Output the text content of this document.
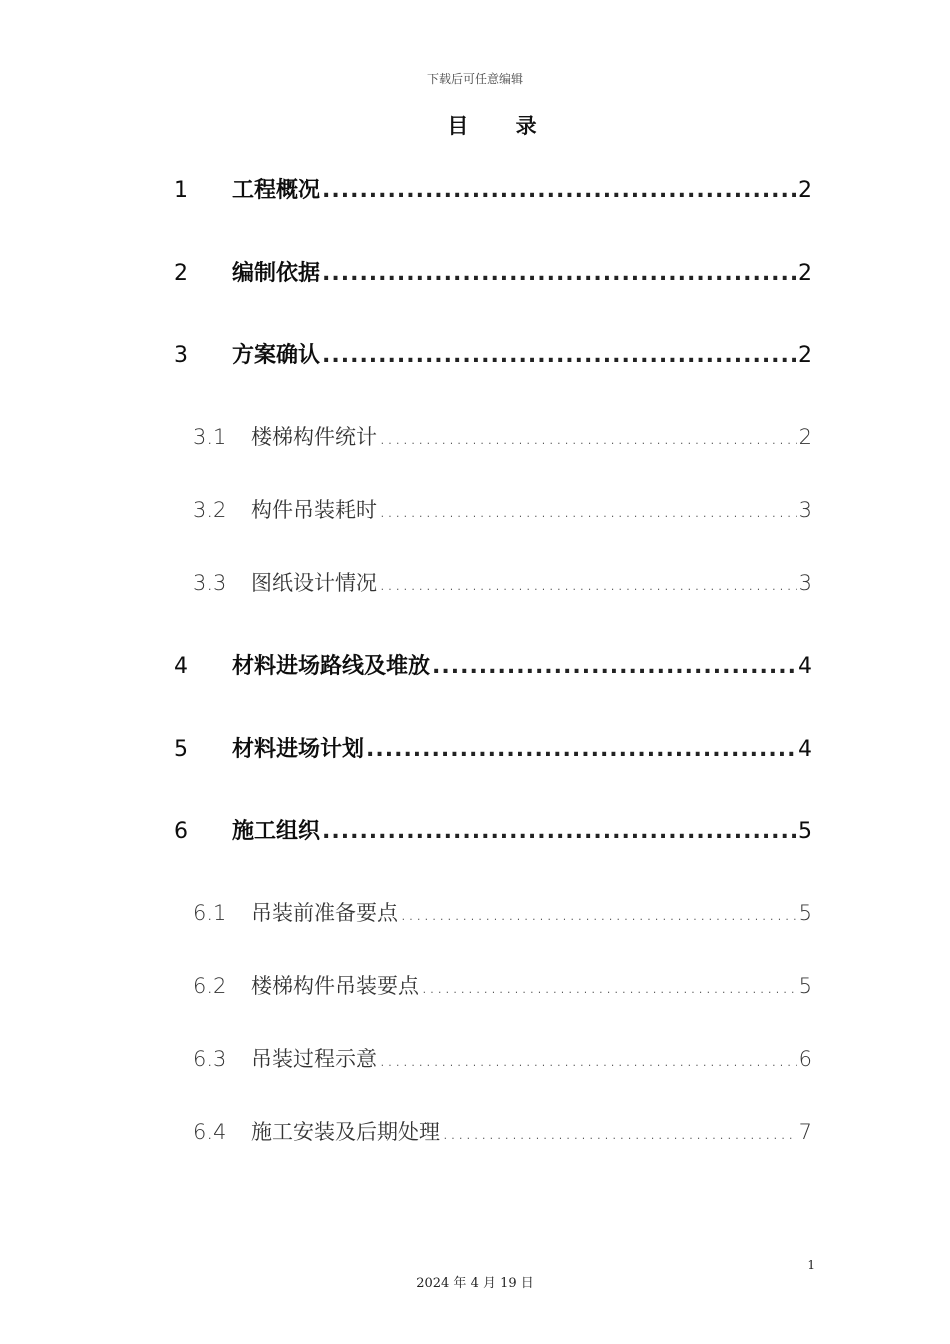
下载后可任意编辑
目 录
1	工程概况 .....	2
2	编制依据 .....	2
3	方案确认 .....	2
3.1	楼梯构件统计 .....	2
3.2	构件吊装耗时 .....	3
3.3	图纸设计情况 .....	3
4	材料进场路线及堆放 .....	4
5	材料进场计划 .....	4
6	施工组织 .....	5
6.1	吊装前准备要点 .....	5
6.2	楼梯构件吊装要点 .....	5
6.3	吊装过程示意 .....	6
6.4	施工安装及后期处理 .....	7
1
2024 年 4 月 19 日
